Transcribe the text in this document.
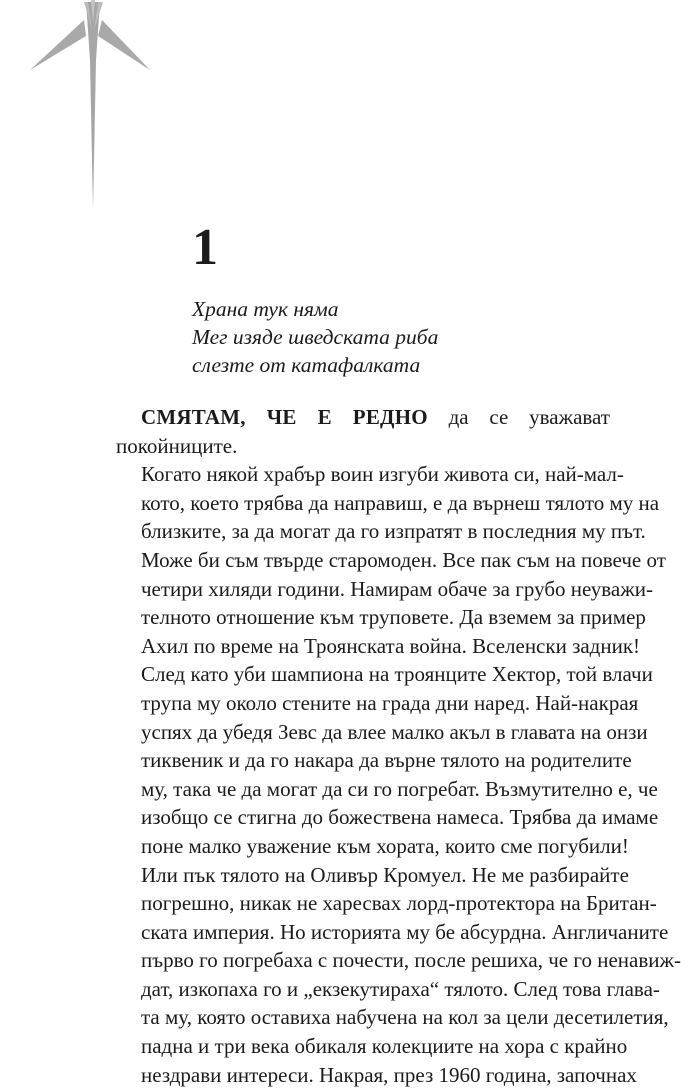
1
Храна тук няма
Мег изяде шведската риба
слезте от катафалката

СМЯТАМ, ЧЕ Е РЕДНО да се уважават покойниците.

Когато някой храбър воин изгуби живота си, най-мал-
кото, което трябва да направиш, е да върнеш тялото му на
близките, за да могат да го изпратят в последния му път.
Може би съм твърде старомоден. Все пак съм на повече от
четири хиляди години. Намирам обаче за грубо неуважи-
телното отношение към труповете. Да вземем за пример
Ахил по време на Троянската война. Вселенски задник!
След като уби шампиона на троянците Хектор, той влачи
трупа му около стените на града дни наред. Най-накрая
успях да убедя Зевс да влее малко акъл в главата на онзи
тиквеник и да го накара да върне тялото на родителите
му, така че да могат да си го погребат. Възмутително е, че
изобщо се стигна до божествена намеса. Трябва да имаме
поне малко уважение към хората, които сме погубили!

Или пък тялото на Оливър Кромуел. Не ме разбирайте
погрешно, никак не харесвах лорд-протектора на Британ-
ската империя. Но историята му бе абсурдна. Англичаните
първо го погребаха с почести, после решиха, че го ненавиж-
дат, изкопаха го и „екзекутираха“ тялото. След това глава-
та му, която оставиха набучена на кол за цели десетилетия,
падна и три века обикаля колекциите на хора с крайно
нездрави интереси. Накрая, през 1960 година, започнах
